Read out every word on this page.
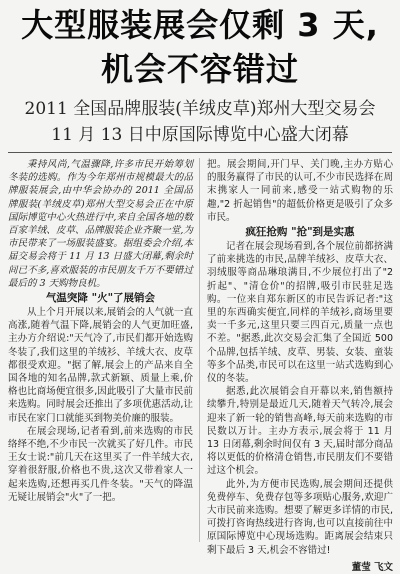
大型服装展会仅剩 3 天,
机会不容错过
2011 全国品牌服装(羊绒皮草)郑州大型交易会
11 月 13 日中原国际博览中心盛大闭幕

秉持风尚,气温骤降,许多市民开始筹划冬装的选购。作为今年郑州市规模最大的品牌服装展会,由中华会协办的 2011 全国品牌服装(羊绒皮草)郑州大型交易会正在中原国际博览中心火热进行中,来自全国各地的数百家羊绒、皮草、品牌服装企业齐聚一堂,为市民带来了一场服装盛宴。据组委会介绍,本届交易会将于 11 月 13 日盛大闭幕,剩余时间已不多,喜欢服装的市民朋友千万不要错过最后的 3 天购物良机。

气温突降 "火"了展销会

从上个月开展以来,展销会的人气就一直高涨,随着气温下降,展销会的人气更加旺盛,主办方介绍说:"天气冷了,市民们都开始选购冬装了,我们这里的羊绒衫、羊绒大衣、皮草都很受欢迎。"据了解,展会上的产品来自全国各地的知名品牌,款式新颖、质量上乘,价格也比商场便宜很多,因此吸引了大量市民前来选购。同时展会还推出了多项优惠活动,让市民在家门口就能买到物美价廉的服装。

在展会现场,记者看到,前来选购的市民络绎不绝,不少市民一次就买了好几件。市民王女士说:"前几天在这里买了一件羊绒大衣,穿着很舒服,价格也不贵,这次又带着家人一起来选购,还想再买几件冬装。"天气的降温无疑让展销会"火"了一把。

把。展会期间,开门早、关门晚,主办方贴心的服务赢得了市民的认可,不少市民选择在周末携家人一同前来,感受一站式购物的乐趣,"2 折起销售"的超低价格更是吸引了众多市民。

疯狂抢购 "抢"到是实惠

记者在展会现场看到,各个展位前都挤满了前来挑选的市民,品牌羊绒衫、皮草大衣、羽绒服等商品琳琅满目,不少展位打出了"2 折起"、"清仓价"的招牌,吸引市民驻足选购。一位来自郑东新区的市民告诉记者:"这里的东西确实便宜,同样的羊绒衫,商场里要卖一千多元,这里只要三四百元,质量一点也不差。"据悉,此次交易会汇集了全国近 500 个品牌,包括羊绒、皮草、男装、女装、童装等多个品类,市民可以在这里一站式选购到心仪的冬装。

据悉,此次展销会自开幕以来,销售额持续攀升,特别是最近几天,随着天气转冷,展会迎来了新一轮的销售高峰,每天前来选购的市民数以万计。主办方表示,展会将于 11 月 13 日闭幕,剩余时间仅有 3 天,届时部分商品将以更低的价格清仓销售,市民朋友们不要错过这个机会。

此外,为方便市民选购,展会期间还提供免费停车、免费存包等多项贴心服务,欢迎广大市民前来选购。想要了解更多详情的市民,可拨打咨询热线进行咨询,也可以直接前往中原国际博览中心现场选购。距离展会结束只剩下最后 3 天,机会不容错过!

董莹 飞文
